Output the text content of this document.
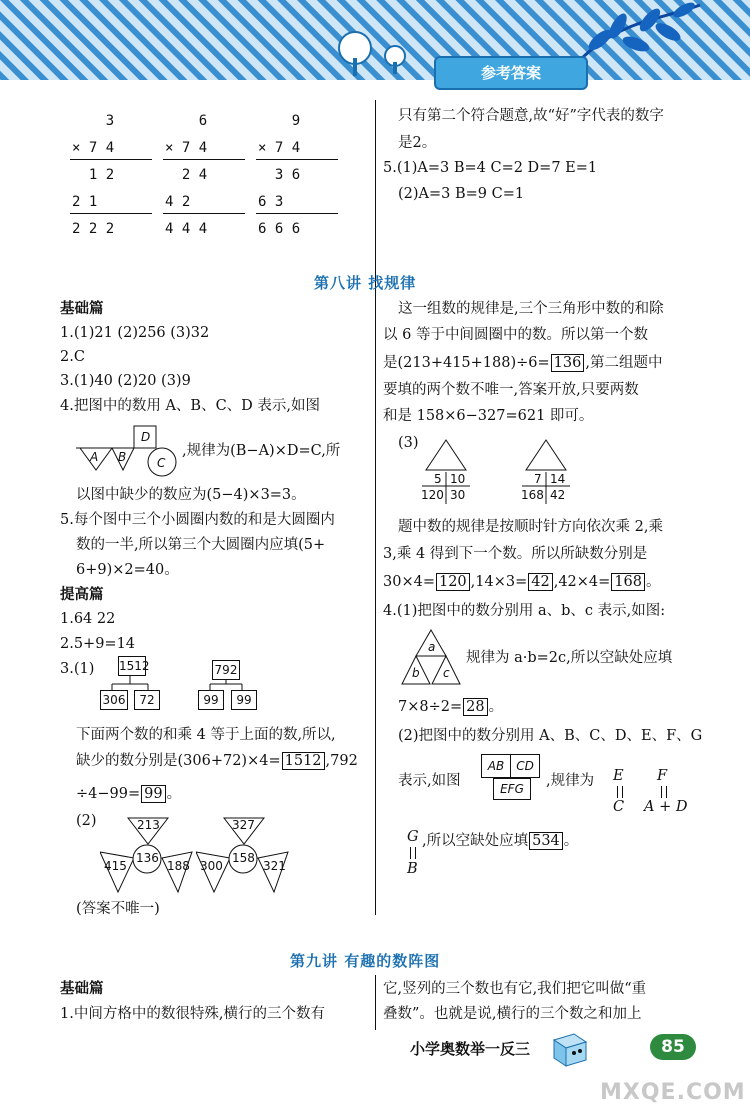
参考答案
3
× 7 4
1 2
2 1
2 2 2
6
× 7 4
2 4
4 2
4 4 4
9
× 7 4
3 6
6 3
6 6 6
只有第二个符合题意,故“好”字代表的数字
是2。
5.(1)A=3 B=4 C=2 D=7 E=1
(2)A=3 B=9 C=1
第八讲 找规律
基础篇
1.(1)21 (2)256 (3)32
2.C
3.(1)40 (2)20 (3)9
4.把图中的数用 A、B、C、D 表示,如图
D
A B	C
,规律为(B−A)×D=C,所
以图中缺少的数应为(5−4)×3=3。
5.每个图中三个小圆圈内数的和是大圆圈内
数的一半,所以第三个大圆圈内应填(5+
6+9)×2=40。
提高篇
1.64 22
2.5+9=14
3.(1) 1512
306	72
792
99	99
下面两个数的和乘 4 等于上面的数,所以,
缺少的数分别是(306+72)×4= 1512 ,792
÷4−99= 99 。
(2)	213
136
415	188
327
158
300	321
(答案不唯一)
这一组数的规律是,三个三角形中数的和除
以 6 等于中间圆圈中的数。所以第一个数
是(213+415+188)÷6= 136 ,第二组题中
要填的两个数不唯一,答案开放,只要两数
和是 158×6−327=621 即可。
(3)
5 10
120 30
7 14
168 42
题中数的规律是按顺时针方向依次乘 2,乘
3,乘 4 得到下一个数。所以所缺数分别是
30×4= 120 ,14×3= 42 ,42×4= 168 。
4.(1)把图中的数分别用 a、b、c 表示,如图:
a
b c
规律为 a·b=2c,所以空缺处应填
7×8÷2= 28 。
(2)把图中的数分别用 A、B、C、D、E、F、G
表示,如图
AB CD
EFG	,规律为 E
C
F
A + D
G
B
,所以空缺处应填 534 。
第九讲 有趣的数阵图
基础篇
1.中间方格中的数很特殊,横行的三个数有
它,竖列的三个数也有它,我们把它叫做“重
叠数”。也就是说,横行的三个数之和加上
小学奥数举一反三	85
MXQE.COM
